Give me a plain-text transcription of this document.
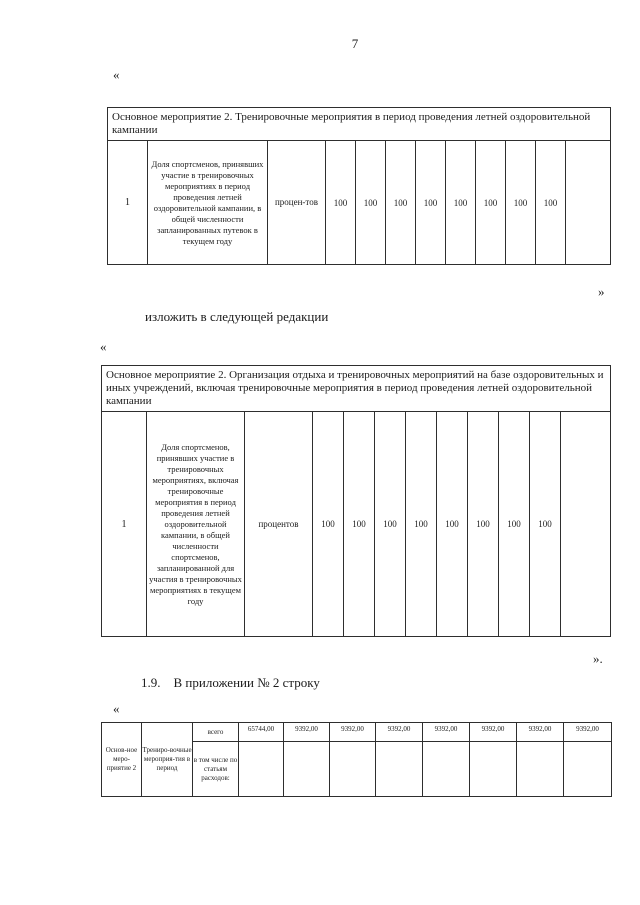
7
«
Основное мероприятие 2. Тренировочные мероприятия в период проведения летней оздоровительной кампании
1	Доля спортсменов, принявших участие в тренировочных мероприятиях в период проведения летней оздоровительной кампании, в общей численности запланированных путевок в текущем году	процен-тов	100	100	100	100	100	100	100	100	
»
изложить в следующей редакции
«
Основное мероприятие 2. Организация отдыха и тренировочных мероприятий на базе оздоровительных и иных учреждений, включая тренировочные мероприятия в период проведения летней оздоровительной кампании
1	Доля спортсменов, принявших участие в тренировочных мероприятиях, включая тренировочные мероприятия в период проведения летней оздоровительной кампании, в общей численности спортсменов, запланированной для участия в тренировочных мероприятиях в текущем году	процентов	100	100	100	100	100	100	100	100	
».
1.9.    В приложении № 2 строку
«
Основ-ное меро-приятие 2	Трениро-вочные мероприя-тия в период	всего	65744,00	9392,00	9392,00	9392,00	9392,00	9392,00	9392,00	9392,00
		в том числе по статьям расходов:								
